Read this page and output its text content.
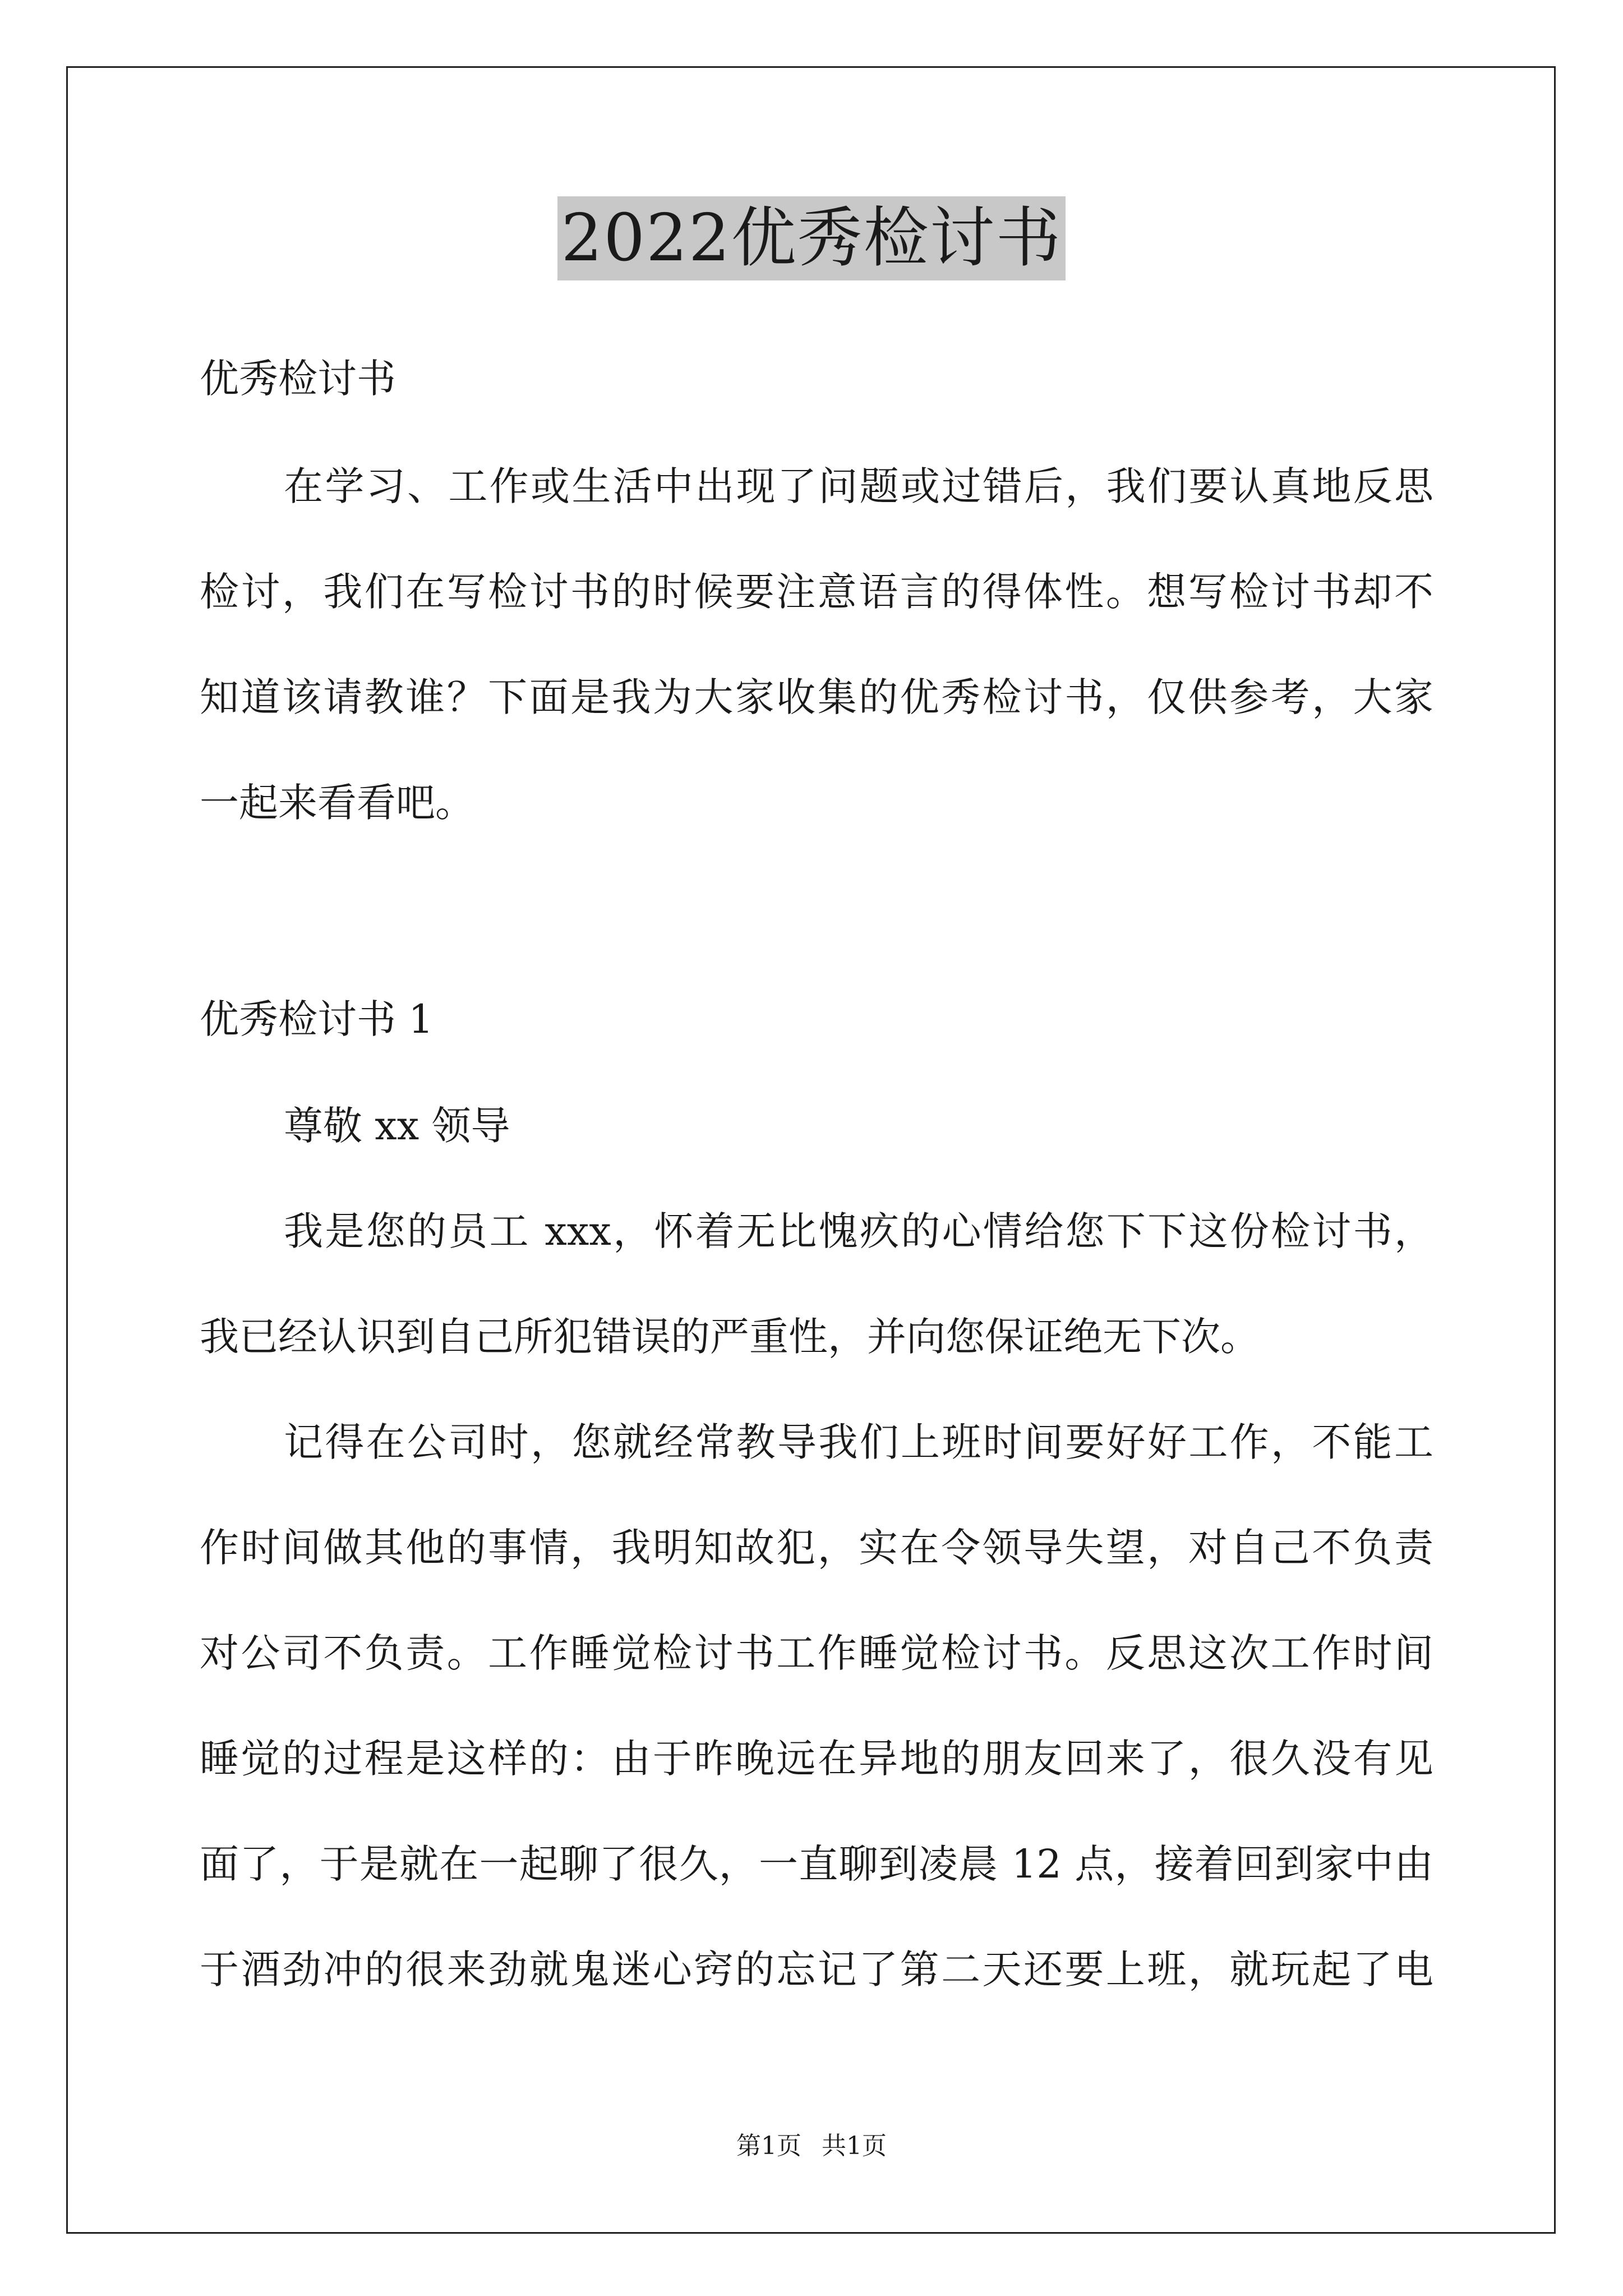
2022优秀检讨书
优秀检讨书
在学习、工作或生活中出现了问题或过错后，我们要认真地反思
检讨，我们在写检讨书的时候要注意语言的得体性。想写检讨书却不
知道该请教谁？下面是我为大家收集的优秀检讨书，仅供参考，大家
一起来看看吧。
优秀检讨书 1
尊敬 xx 领导
我是您的员工 xxx，怀着无比愧疚的心情给您下下这份检讨书，
我已经认识到自己所犯错误的严重性，并向您保证绝无下次。
记得在公司时，您就经常教导我们上班时间要好好工作，不能工
作时间做其他的事情，我明知故犯，实在令领导失望，对自己不负责
对公司不负责。工作睡觉检讨书工作睡觉检讨书。反思这次工作时间
睡觉的过程是这样的：由于昨晚远在异地的朋友回来了，很久没有见
面了，于是就在一起聊了很久，一直聊到凌晨 12 点，接着回到家中由
于酒劲冲的很来劲就鬼迷心窍的忘记了第二天还要上班，就玩起了电
第1页 共1页
